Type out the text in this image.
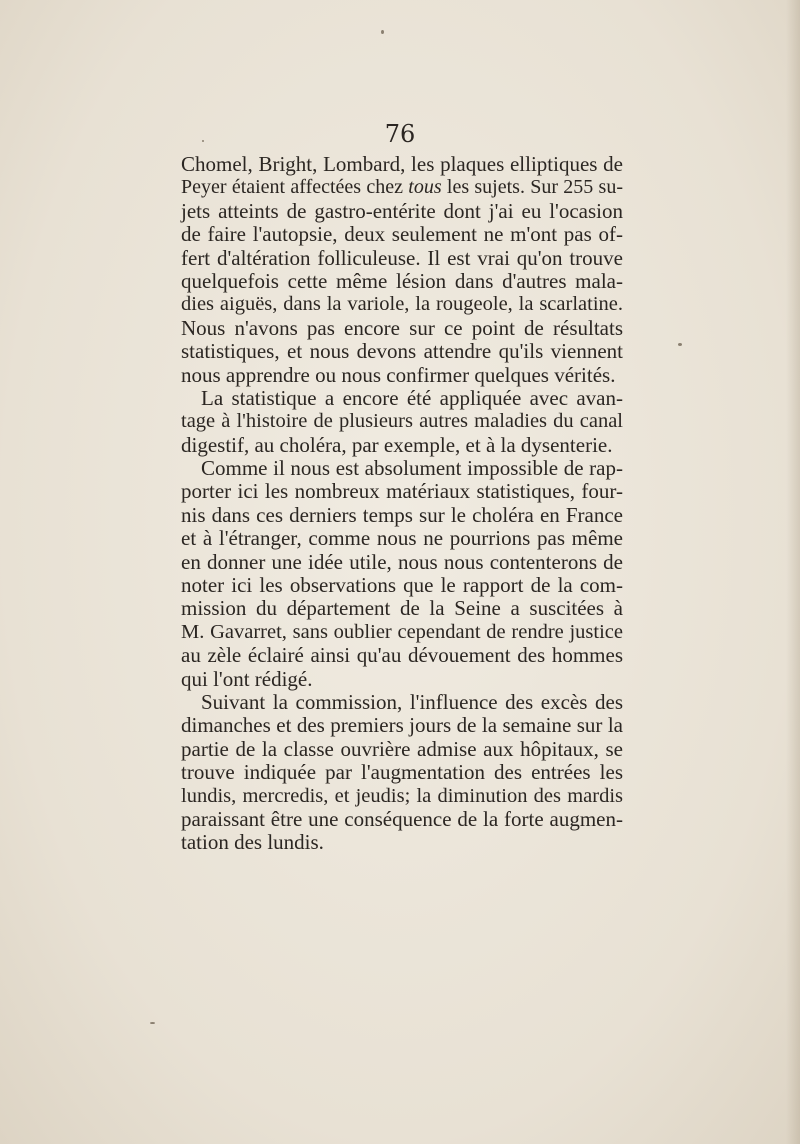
76
Chomel, Bright, Lombard, les plaques elliptiques de
Peyer étaient affectées chez tous les sujets. Sur 255 su-
jets atteints de gastro-entérite dont j'ai eu l'ocasion
de faire l'autopsie, deux seulement ne m'ont pas of-
fert d'altération folliculeuse. Il est vrai qu'on trouve
quelquefois cette même lésion dans d'autres mala-
dies aiguës, dans la variole, la rougeole, la scarlatine.
Nous n'avons pas encore sur ce point de résultats
statistiques, et nous devons attendre qu'ils viennent
nous apprendre ou nous confirmer quelques vérités.
La statistique a encore été appliquée avec avan-
tage à l'histoire de plusieurs autres maladies du canal
digestif, au choléra, par exemple, et à la dysenterie.
Comme il nous est absolument impossible de rap-
porter ici les nombreux matériaux statistiques, four-
nis dans ces derniers temps sur le choléra en France
et à l'étranger, comme nous ne pourrions pas même
en donner une idée utile, nous nous contenterons de
noter ici les observations que le rapport de la com-
mission du département de la Seine a suscitées à
M. Gavarret, sans oublier cependant de rendre justice
au zèle éclairé ainsi qu'au dévouement des hommes
qui l'ont rédigé.
Suivant la commission, l'influence des excès des
dimanches et des premiers jours de la semaine sur la
partie de la classe ouvrière admise aux hôpitaux, se
trouve indiquée par l'augmentation des entrées les
lundis, mercredis, et jeudis; la diminution des mardis
paraissant être une conséquence de la forte augmen-
tation des lundis.
